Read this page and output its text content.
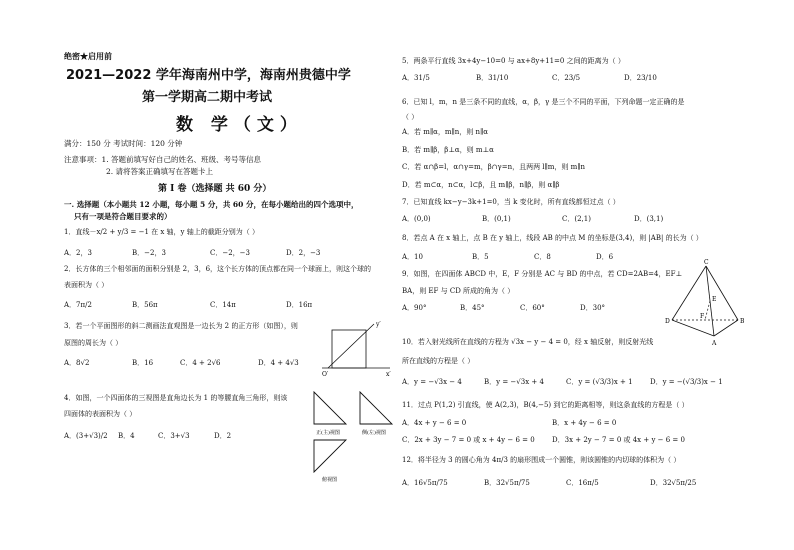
绝密★启用前
2021—2022 学年海南州中学，海南州贵德中学
第一学期高二期中考试
数 学（文）
满分：150 分 考试时间：120 分钟
注意事项：1. 答题前填写好自己的姓名、班级、考号等信息
2. 请将答案正确填写在答题卡上
第 I 卷（选择题 共 60 分）
一. 选择题（本小题共 12 小题，每小题 5 分，共 60 分，在每小题给出的四个选项中，
只有一项是符合题目要求的）
1．直线－x/2 + y/3 = −1 在 x 轴，y 轴上的截距分别为（ ）
A．2，3	B．−2，3	C．−2，−3	D．2，−3
2．长方体的三个相邻面的面积分别是 2，3，6，这个长方体的顶点都在同一个球面上，则这个球的
表面积为（ ）
A．7π/2	B．56π	C．14π	D．16π
3．若一个平面图形的斜二测画法直观图是一边长为 2 的正方形（如图），则
原图的周长为（ ）
A．8√2	B．16	C．4 + 2√6	D．4 + 4√3
4．如图，一个四面体的三视图是直角边长为 1 的等腰直角三角形，则该
四面体的表面积为（ ）
A．(3+√3)/2 B．4	C．3+√3	D．2
O′	x′
y′
正(主)视图	侧(左)视图
俯视图
5．两条平行直线 3x+4y−10=0 与 ax+8y+11=0 之间的距离为（ ）
A．31/5	B．31/10	C．23/5	D．23/10
6．已知 l，m，n 是三条不同的直线，α，β，γ 是三个不同的平面，下列命题一定正确的是
（ ）
A．若 m∥α，m∥n，则 n∥α
B．若 m∥β，β⊥α，则 m⊥α
C．若 α∩β=l，α∩γ=m，β∩γ=n，且两两 l∥m，则 m∥n
D．若 m⊂α，n⊂α，l⊂β，且 m∥β，n∥β，则 α∥β
7．已知直线 kx−y−3k+1=0，当 k 变化时，所有直线都恒过点（ ）
A．(0,0)	B．(0,1)	C．(2,1)	D．(3,1)
8．若点 A 在 x 轴上，点 B 在 y 轴上，线段 AB 的中点 M 的坐标是(3,4)，则 |AB| 的长为（ ）
A．10	B．5	C．8	D．6
9．如图，在四面体 ABCD 中，E，F 分别是 AC 与 BD 的中点，若 CD=2AB=4，EF⊥
BA，则 EF 与 CD 所成的角为（ ）
A．90°	B．45°	C．60°	D．30°
10．若入射光线所在直线的方程为 √3x − y − 4 = 0，经 x 轴反射，则反射光线
所在直线的方程是（ ）
A．y = −√3x − 4	B．y = −√3x + 4	C．y = (√3/3)x + 1 D．y = −(√3/3)x − 1
11．过点 P(1,2) 引直线，使 A(2,3)，B(4,−5) 到它的距离相等，则这条直线的方程是（ ）
A．4x + y − 6 = 0	B．x + 4y − 6 = 0
C．2x + 3y − 7 = 0 或 x + 4y − 6 = 0 D．3x + 2y − 7 = 0 或 4x + y − 6 = 0
12．将半径为 3 的圆心角为 4π/3 的扇形围成一个圆锥，则该圆锥的内切球的体积为（ ）
A．16√5π/75	B．32√5π/75	C．16π/5	D．32√5π/25
C
D	B
A
E
F
